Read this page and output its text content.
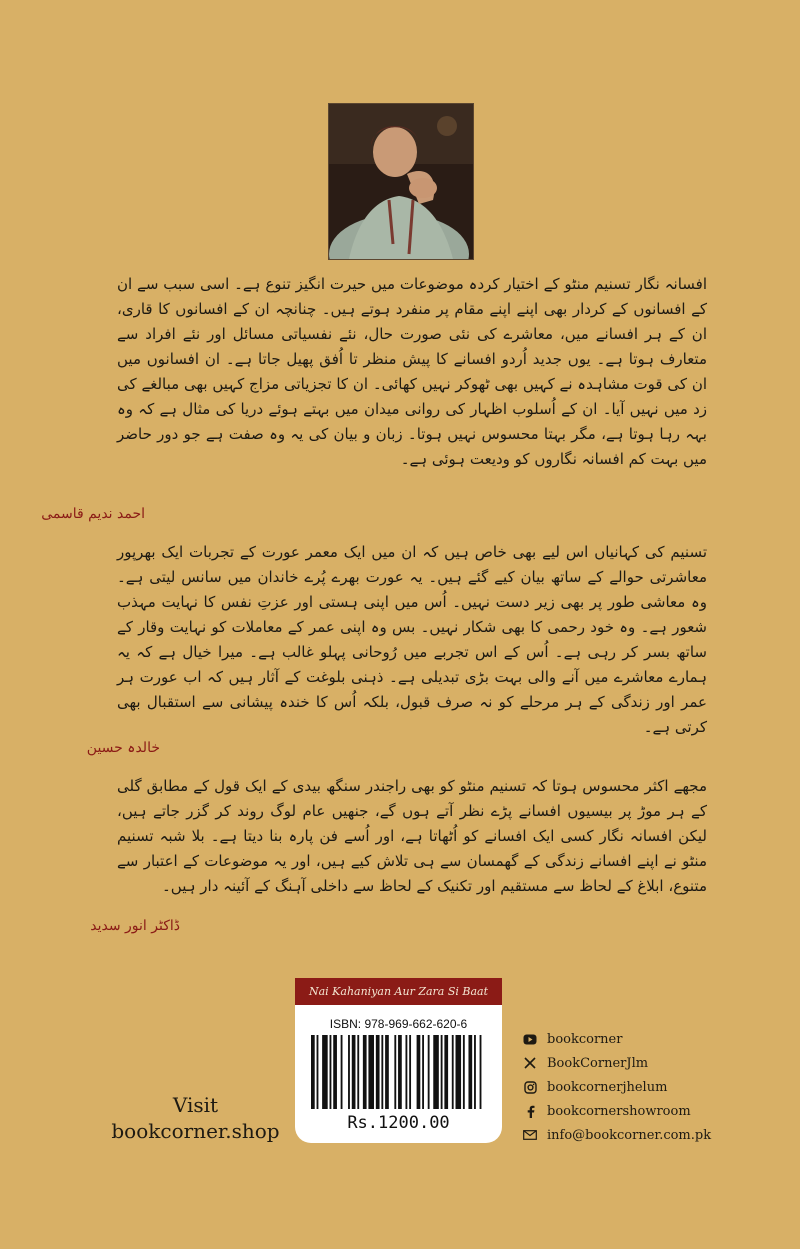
افسانہ نگار تسنیم منٹو کے اختیار کردہ موضوعات میں حیرت انگیز تنوع ہے۔ اسی سبب سے ان کے افسانوں کے کردار بھی اپنے اپنے مقام پر منفرد ہوتے ہیں۔ چنانچہ ان کے افسانوں کا قاری، ان کے ہر افسانے میں، معاشرے کی نئی صورت حال، نئے نفسیاتی مسائل اور نئے افراد سے متعارف ہوتا ہے۔ یوں جدید اُردو افسانے کا پیش منظر تا اُفق پھیل جاتا ہے۔ ان افسانوں میں ان کی قوت مشاہدہ نے کہیں بھی ٹھوکر نہیں کھائی۔ ان کا تجزیاتی مزاج کہیں بھی مبالغے کی زد میں نہیں آیا۔ ان کے اُسلوب اظہار کی روانی میدان میں بہتے ہوئے دریا کی مثال ہے کہ وہ بہہ رہا ہوتا ہے، مگر بہتا محسوس نہیں ہوتا۔ زبان و بیان کی یہ وہ صفت ہے جو دور حاضر میں بہت کم افسانہ نگاروں کو ودیعت ہوئی ہے۔
احمد ندیم قاسمی
تسنیم کی کہانیاں اس لیے بھی خاص ہیں کہ ان میں ایک معمر عورت کے تجربات ایک بھرپور معاشرتی حوالے کے ساتھ بیان کیے گئے ہیں۔ یہ عورت بھرے پُرے خاندان میں سانس لیتی ہے۔ وہ معاشی طور پر بھی زیر دست نہیں۔ اُس میں اپنی ہستی اور عزتِ نفس کا نہایت مہذب شعور ہے۔ وہ خود رحمی کا بھی شکار نہیں۔ بس وہ اپنی عمر کے معاملات کو نہایت وقار کے ساتھ بسر کر رہی ہے۔ اُس کے اس تجربے میں رُوحانی پہلو غالب ہے۔ میرا خیال ہے کہ یہ ہمارے معاشرے میں آنے والی بہت بڑی تبدیلی ہے۔ ذہنی بلوغت کے آثار ہیں کہ اب عورت ہر عمر اور زندگی کے ہر مرحلے کو نہ صرف قبول، بلکہ اُس کا خندہ پیشانی سے استقبال بھی کرتی ہے۔
خالدہ حسین
مجھے اکثر محسوس ہوتا کہ تسنیم منٹو کو بھی راجندر سنگھ بیدی کے ایک قول کے مطابق گلی کے ہر موڑ پر بیسیوں افسانے پڑے نظر آتے ہوں گے، جنھیں عام لوگ روند کر گزر جاتے ہیں، لیکن افسانہ نگار کسی ایک افسانے کو اُٹھاتا ہے، اور اُسے فن پارہ بنا دیتا ہے۔ بلا شبہ تسنیم منٹو نے اپنے افسانے زندگی کے گھمسان سے ہی تلاش کیے ہیں، اور یہ موضوعات کے اعتبار سے متنوع، ابلاغ کے لحاظ سے مستقیم اور تکنیک کے لحاظ سے داخلی آہنگ کے آئینہ دار ہیں۔
ڈاکٹر انور سدید
Nai Kahaniyan Aur Zara Si Baat
ISBN: 978-969-662-620-6
Rs.1200.00
Visit
bookcorner.shop
bookcorner
BookCornerJlm
bookcornerjhelum
bookcornershowroom
info@bookcorner.com.pk
